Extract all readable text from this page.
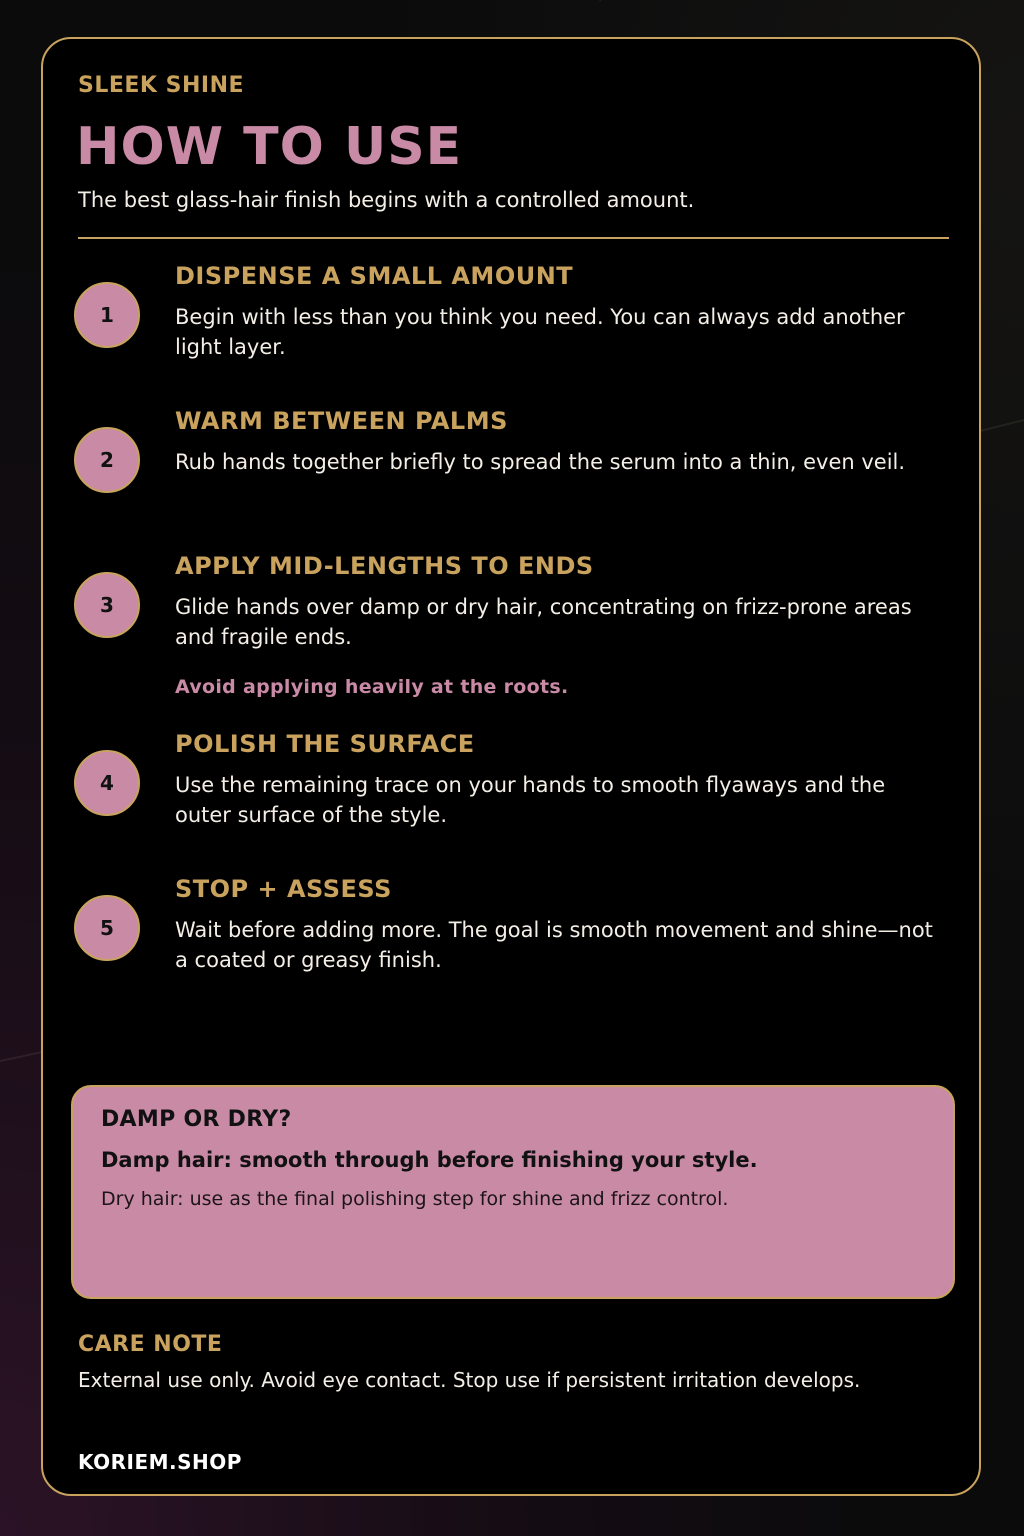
SLEEK SHINE
HOW TO USE
The best glass-hair finish begins with a controlled amount.
1
DISPENSE A SMALL AMOUNT
Begin with less than you think you need. You can always add another light layer.
2
WARM BETWEEN PALMS
Rub hands together briefly to spread the serum into a thin, even veil.
3
APPLY MID-LENGTHS TO ENDS
Glide hands over damp or dry hair, concentrating on frizz-prone areas and fragile ends.
Avoid applying heavily at the roots.
4
POLISH THE SURFACE
Use the remaining trace on your hands to smooth flyaways and the outer surface of the style.
5
STOP + ASSESS
Wait before adding more. The goal is smooth movement and shine—not a coated or greasy finish.
DAMP OR DRY?
Damp hair: smooth through before finishing your style.
Dry hair: use as the final polishing step for shine and frizz control.
CARE NOTE
External use only. Avoid eye contact. Stop use if persistent irritation develops.
KORIEM.SHOP
